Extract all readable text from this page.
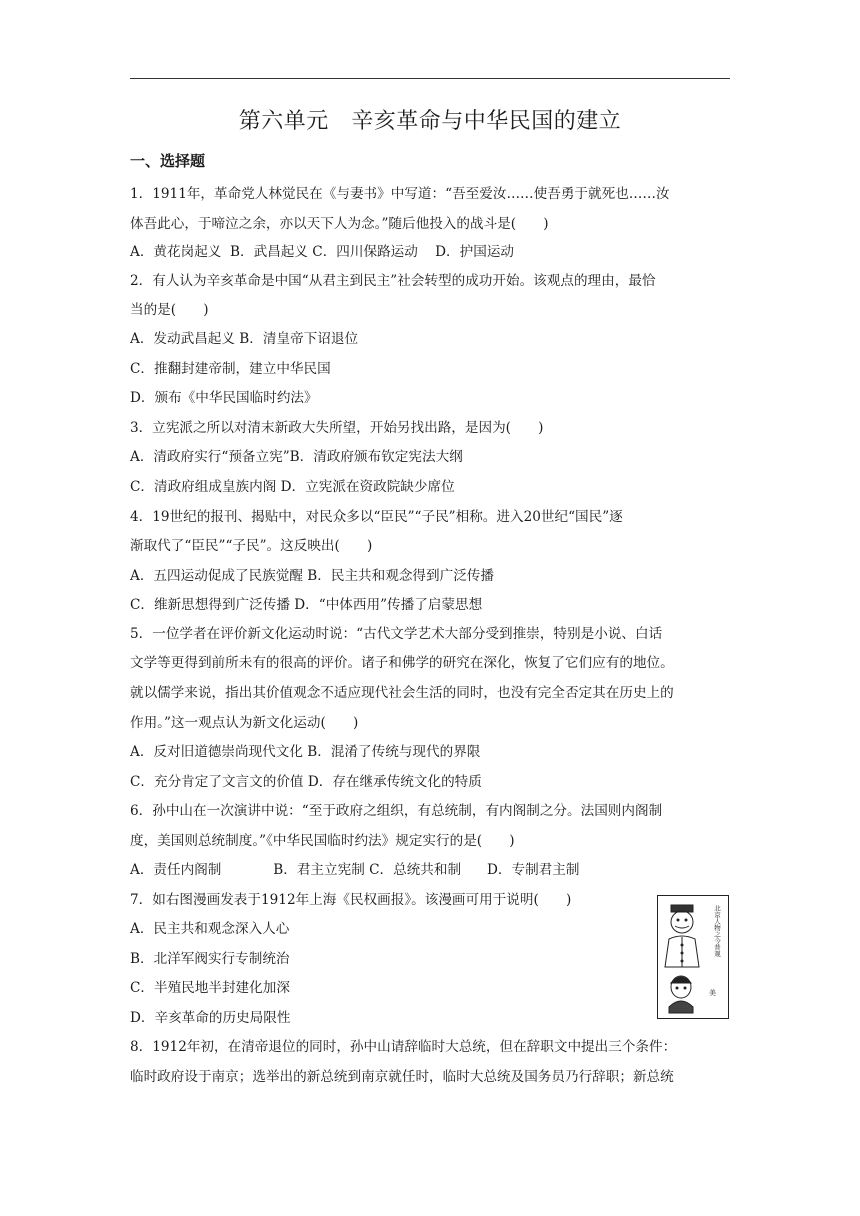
第六单元　辛亥革命与中华民国的建立
一、选择题
1．1911年，革命党人林觉民在《与妻书》中写道：“吾至爱汝……使吾勇于就死也……汝
体吾此心，于啼泣之余，亦以天下人为念。”随后他投入的战斗是(　　)
A．黄花岗起义  B．武昌起义 C．四川保路运动    D．护国运动
2．有人认为辛亥革命是中国“从君主到民主”社会转型的成功开始。该观点的理由，最恰
当的是(　　)
A．发动武昌起义 B．清皇帝下诏退位
C．推翻封建帝制，建立中华民国
D．颁布《中华民国临时约法》
3．立宪派之所以对清末新政大失所望，开始另找出路，是因为(　　)
A．清政府实行“预备立宪”B．清政府颁布钦定宪法大纲
C．清政府组成皇族内阁 D．立宪派在资政院缺少席位
4．19世纪的报刊、揭贴中，对民众多以“臣民”“子民”相称。进入20世纪“国民”逐
渐取代了“臣民”“子民”。这反映出(　　)
A．五四运动促成了民族觉醒 B．民主共和观念得到广泛传播
C．维新思想得到广泛传播 D．“中体西用”传播了启蒙思想
5．一位学者在评价新文化运动时说：“古代文学艺术大部分受到推崇，特别是小说、白话
文学等更得到前所未有的很高的评价。诸子和佛学的研究在深化，恢复了它们应有的地位。
就以儒学来说，指出其价值观念不适应现代社会生活的同时，也没有完全否定其在历史上的
作用。”这一观点认为新文化运动(　　)
A．反对旧道德崇尚现代文化 B．混淆了传统与现代的界限
C．充分肯定了文言文的价值 D．存在继承传统文化的特质
6．孙中山在一次演讲中说：“至于政府之组织，有总统制，有内阁制之分。法国则内阁制
度，美国则总统制度。”《中华民国临时约法》规定实行的是(　　)
A．责任内阁制            B．君主立宪制 C．总统共和制      D．专制君主制
7．如右图漫画发表于1912年上海《民权画报》。该漫画可用于说明(　　)
A．民主共和观念深入人心
B．北洋军阀实行专制统治
C．半殖民地半封建化加深
D．辛亥革命的历史局限性
8．1912年初，在清帝退位的同时，孙中山请辞临时大总统，但在辞职文中提出三个条件：
临时政府设于南京；选举出的新总统到南京就任时，临时大总统及国务员乃行辞职；新总统
北京人物之今昔观
美
